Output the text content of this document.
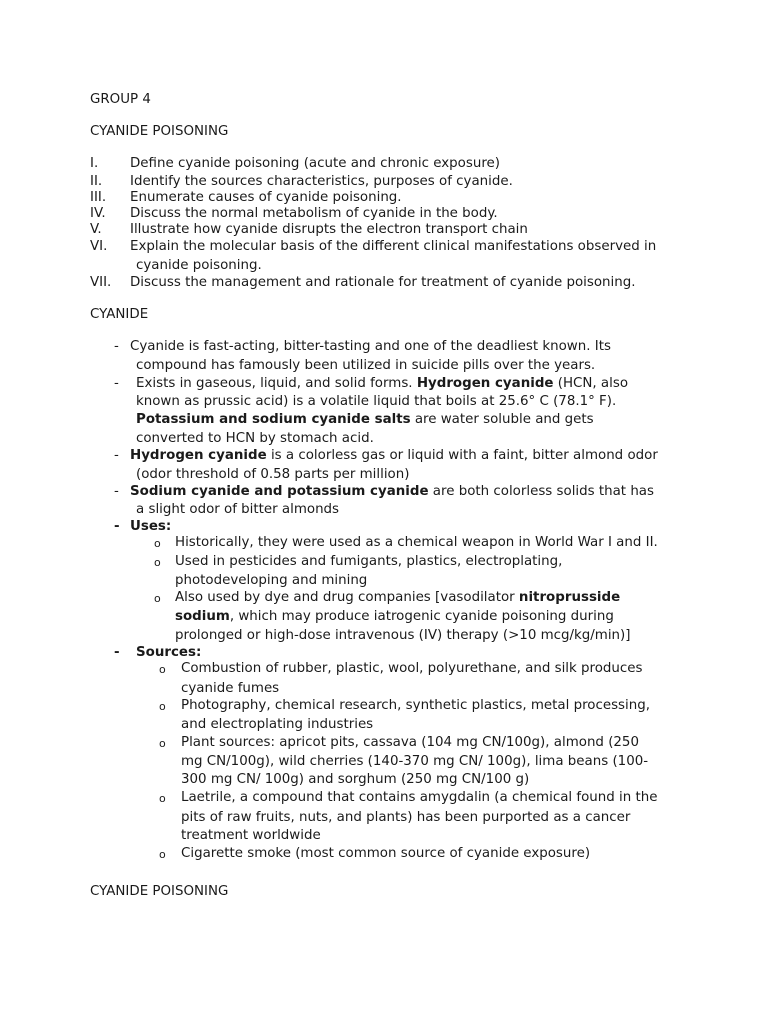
GROUP 4
CYANIDE POISONING
I. Define cyanide poisoning (acute and chronic exposure)
II. Identify the sources characteristics, purposes of cyanide.
III. Enumerate causes of cyanide poisoning.
IV. Discuss the normal metabolism of cyanide in the body.
V. Illustrate how cyanide disrupts the electron transport chain
VI. Explain the molecular basis of the different clinical manifestations observed in
cyanide poisoning.
VII. Discuss the management and rationale for treatment of cyanide poisoning.
CYANIDE
- Cyanide is fast-acting, bitter-tasting and one of the deadliest known. Its
compound has famously been utilized in suicide pills over the years.
- Exists in gaseous, liquid, and solid forms. Hydrogen cyanide (HCN, also
known as prussic acid) is a volatile liquid that boils at 25.6° C (78.1° F).
Potassium and sodium cyanide salts are water soluble and gets
converted to HCN by stomach acid.
- Hydrogen cyanide is a colorless gas or liquid with a faint, bitter almond odor
(odor threshold of 0.58 parts per million)
- Sodium cyanide and potassium cyanide are both colorless solids that has
a slight odor of bitter almonds
- Uses:
o Historically, they were used as a chemical weapon in World War I and II.
o Used in pesticides and fumigants, plastics, electroplating,
photodeveloping and mining
o Also used by dye and drug companies [vasodilator nitroprusside
sodium, which may produce iatrogenic cyanide poisoning during
prolonged or high-dose intravenous (IV) therapy (>10 mcg/kg/min)]
- Sources:
o Combustion of rubber, plastic, wool, polyurethane, and silk produces
cyanide fumes
o Photography, chemical research, synthetic plastics, metal processing,
and electroplating industries
o Plant sources: apricot pits, cassava (104 mg CN/100g), almond (250
mg CN/100g), wild cherries (140-370 mg CN/ 100g), lima beans (100-
300 mg CN/ 100g) and sorghum (250 mg CN/100 g)
o Laetrile, a compound that contains amygdalin (a chemical found in the
pits of raw fruits, nuts, and plants) has been purported as a cancer
treatment worldwide
o Cigarette smoke (most common source of cyanide exposure)
CYANIDE POISONING
